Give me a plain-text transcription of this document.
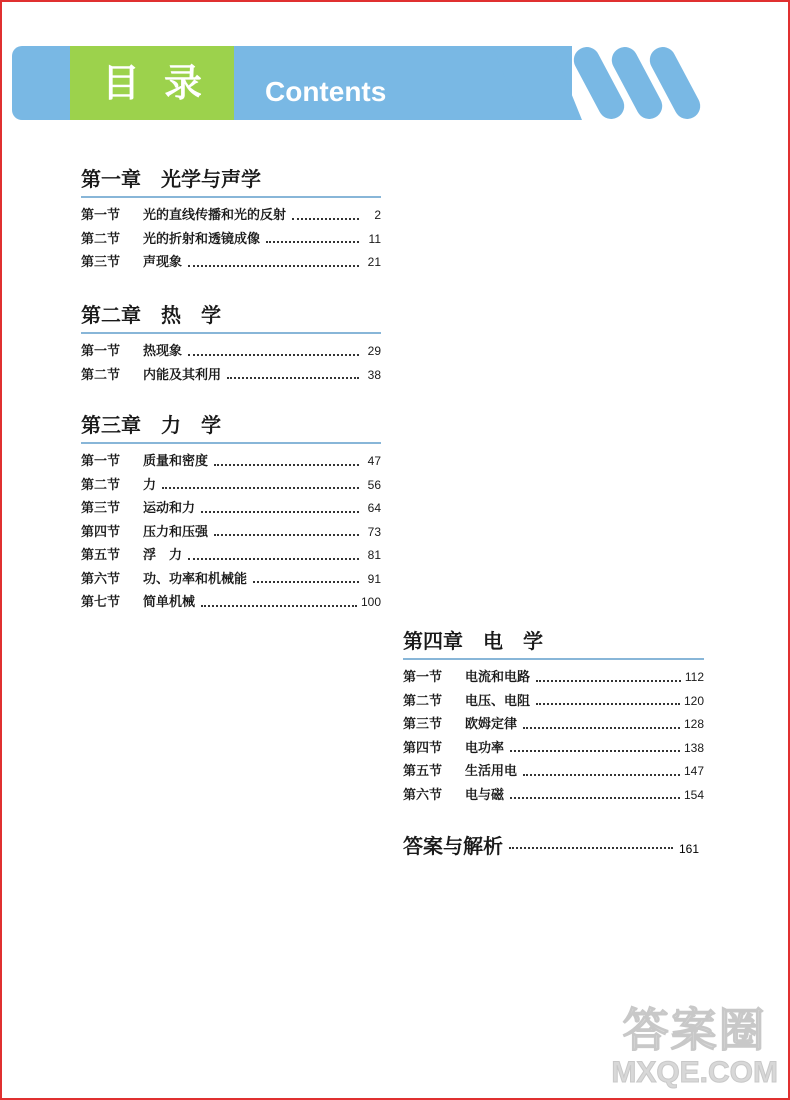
目录 Contents
第一章　光学与声学
第一节	光的直线传播和光的反射	2
第二节	光的折射和透镜成像	11
第三节	声现象	21
第二章　热　学
第一节	热现象	29
第二节	内能及其利用	38
第三章　力　学
第一节	质量和密度	47
第二节	力	56
第三节	运动和力	64
第四节	压力和压强	73
第五节	浮　力	81
第六节	功、功率和机械能	91
第七节	简单机械	100
第四章　电　学
第一节	电流和电路	112
第二节	电压、电阻	120
第三节	欧姆定律	128
第四节	电功率	138
第五节	生活用电	147
第六节	电与磁	154
答案与解析	161
答案圈
MXQE.COM
